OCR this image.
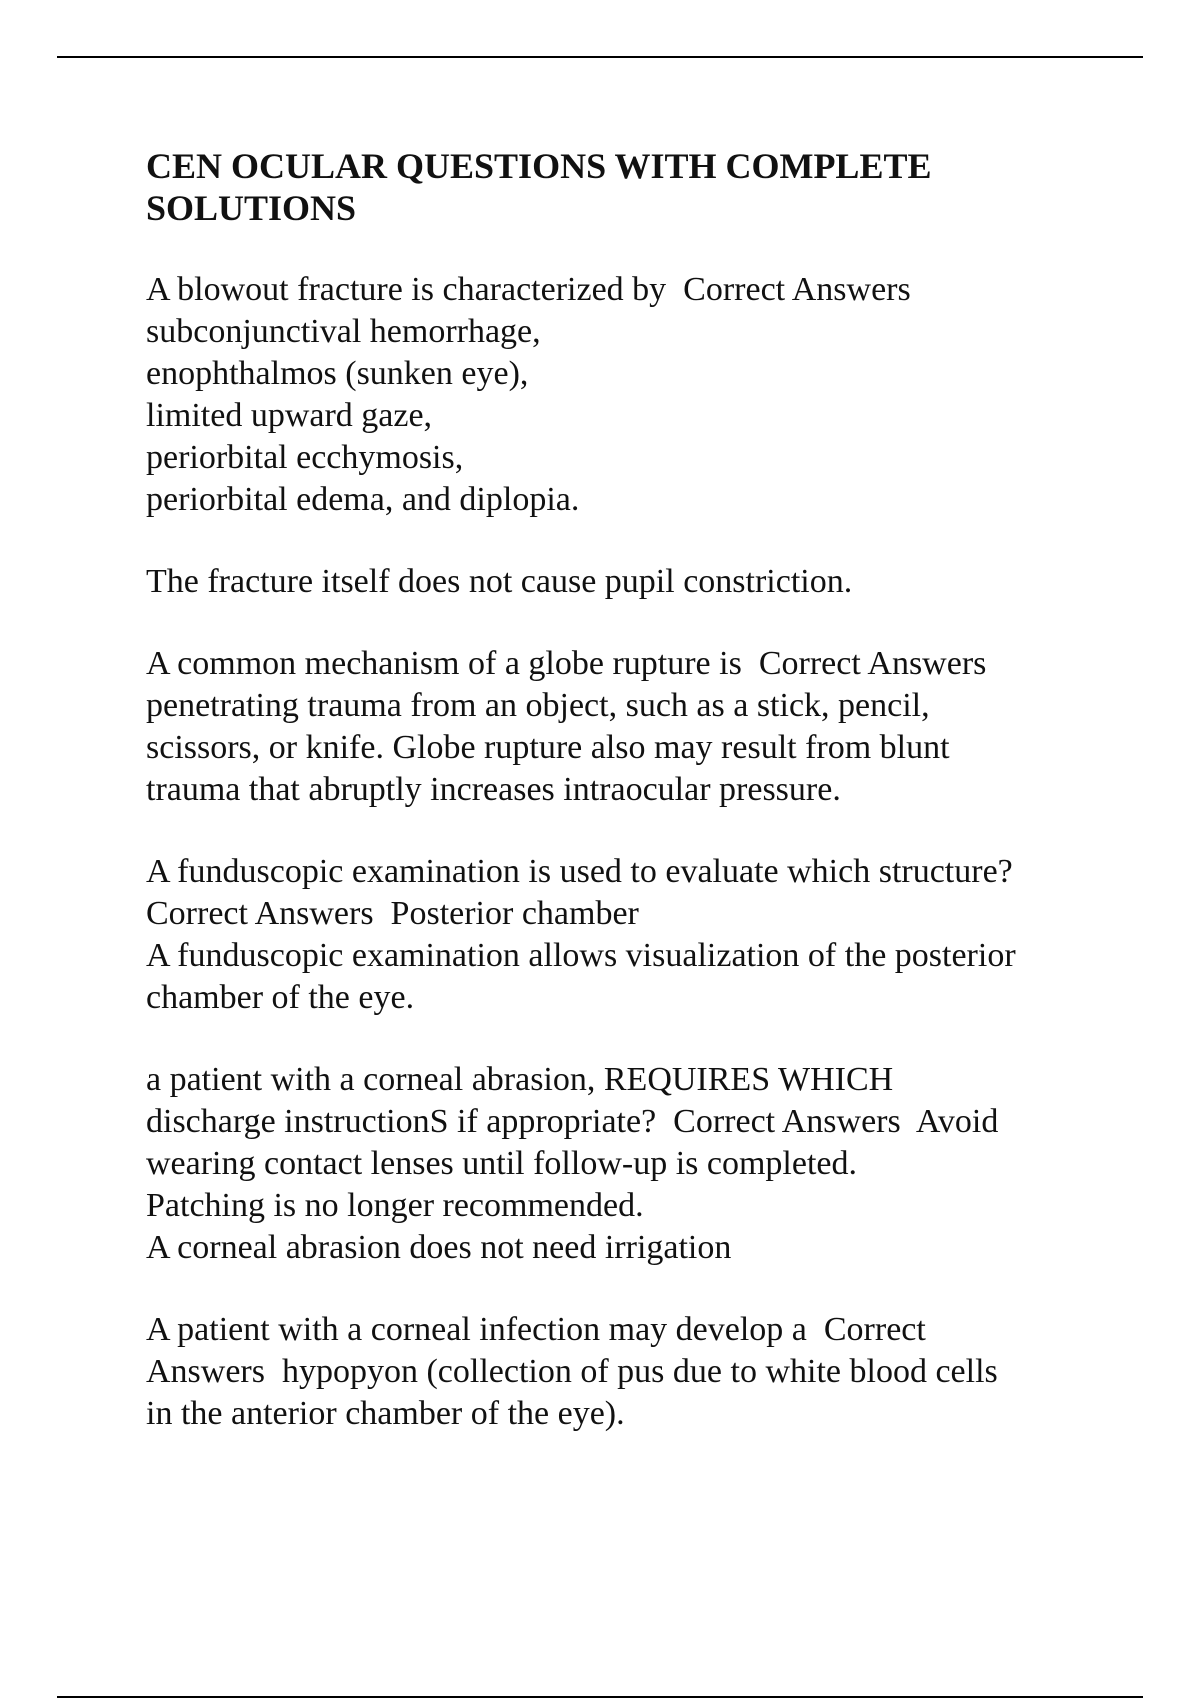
CEN OCULAR QUESTIONS WITH COMPLETE
SOLUTIONS
A blowout fracture is characterized by  Correct Answers
subconjunctival hemorrhage,
enophthalmos (sunken eye),
limited upward gaze,
periorbital ecchymosis,
periorbital edema, and diplopia.
The fracture itself does not cause pupil constriction.
A common mechanism of a globe rupture is  Correct Answers
penetrating trauma from an object, such as a stick, pencil,
scissors, or knife. Globe rupture also may result from blunt
trauma that abruptly increases intraocular pressure.
A funduscopic examination is used to evaluate which structure?
Correct Answers  Posterior chamber
A funduscopic examination allows visualization of the posterior
chamber of the eye.
a patient with a corneal abrasion, REQUIRES WHICH
discharge instructionS if appropriate?  Correct Answers  Avoid
wearing contact lenses until follow-up is completed.
Patching is no longer recommended.
A corneal abrasion does not need irrigation
A patient with a corneal infection may develop a  Correct
Answers  hypopyon (collection of pus due to white blood cells
in the anterior chamber of the eye).
